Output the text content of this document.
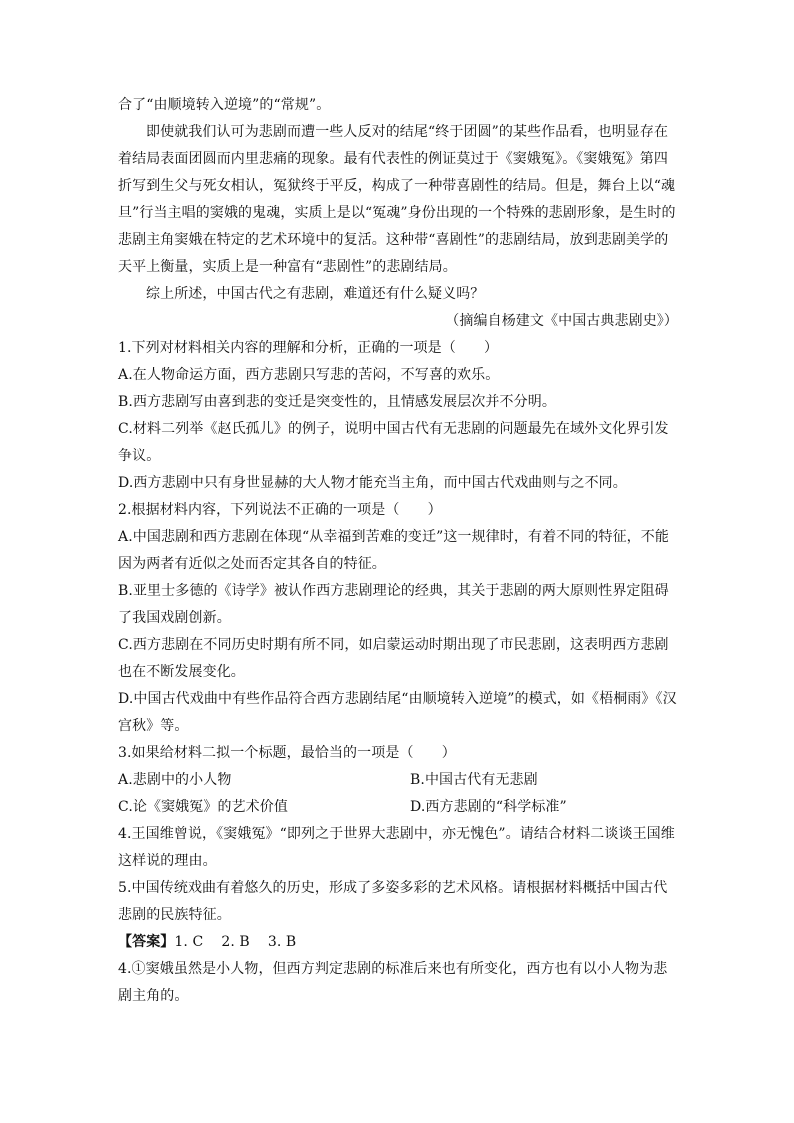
合了“由顺境转入逆境”的“常规”。

即使就我们认可为悲剧而遭一些人反对的结尾“终于团圆”的某些作品看，也明显存在着结局表面团圆而内里悲痛的现象。最有代表性的例证莫过于《窦娥冤》。《窦娥冤》第四折写到生父与死女相认，冤狱终于平反，构成了一种带喜剧性的结局。但是，舞台上以“魂旦”行当主唱的窦娥的鬼魂，实质上是以“冤魂”身份出现的一个特殊的悲剧形象，是生时的悲剧主角窦娥在特定的艺术环境中的复活。这种带“喜剧性”的悲剧结局，放到悲剧美学的天平上衡量，实质上是一种富有“悲剧性”的悲剧结局。

综上所述，中国古代之有悲剧，难道还有什么疑义吗？

（摘编自杨建文《中国古典悲剧史》）

1.下列对材料相关内容的理解和分析，正确的一项是（　　）

A.在人物命运方面，西方悲剧只写悲的苦闷，不写喜的欢乐。

B.西方悲剧写由喜到悲的变迁是突变性的，且情感发展层次并不分明。

C.材料二列举《赵氏孤儿》的例子，说明中国古代有无悲剧的问题最先在域外文化界引发争议。

D.西方悲剧中只有身世显赫的大人物才能充当主角，而中国古代戏曲则与之不同。

2.根据材料内容，下列说法不正确的一项是（　　）

A.中国悲剧和西方悲剧在体现“从幸福到苦难的变迁”这一规律时，有着不同的特征，不能因为两者有近似之处而否定其各自的特征。

B.亚里士多德的《诗学》被认作西方悲剧理论的经典，其关于悲剧的两大原则性界定阻碍了我国戏剧创新。

C.西方悲剧在不同历史时期有所不同，如启蒙运动时期出现了市民悲剧，这表明西方悲剧也在不断发展变化。

D.中国古代戏曲中有些作品符合西方悲剧结尾“由顺境转入逆境”的模式，如《梧桐雨》《汉宫秋》等。

3.如果给材料二拟一个标题，最恰当的一项是（　　）

A.悲剧中的小人物	B.中国古代有无悲剧

C.论《窦娥冤》的艺术价值	D.西方悲剧的“科学标准”

4.王国维曾说，《窦娥冤》“即列之于世界大悲剧中，亦无愧色”。请结合材料二谈谈王国维这样说的理由。

5.中国传统戏曲有着悠久的历史，形成了多姿多彩的艺术风格。请根据材料概括中国古代悲剧的民族特征。

【答案】1. C 2. B 3. B

4.①窦娥虽然是小人物，但西方判定悲剧的标准后来也有所变化，西方也有以小人物为悲剧主角的。
